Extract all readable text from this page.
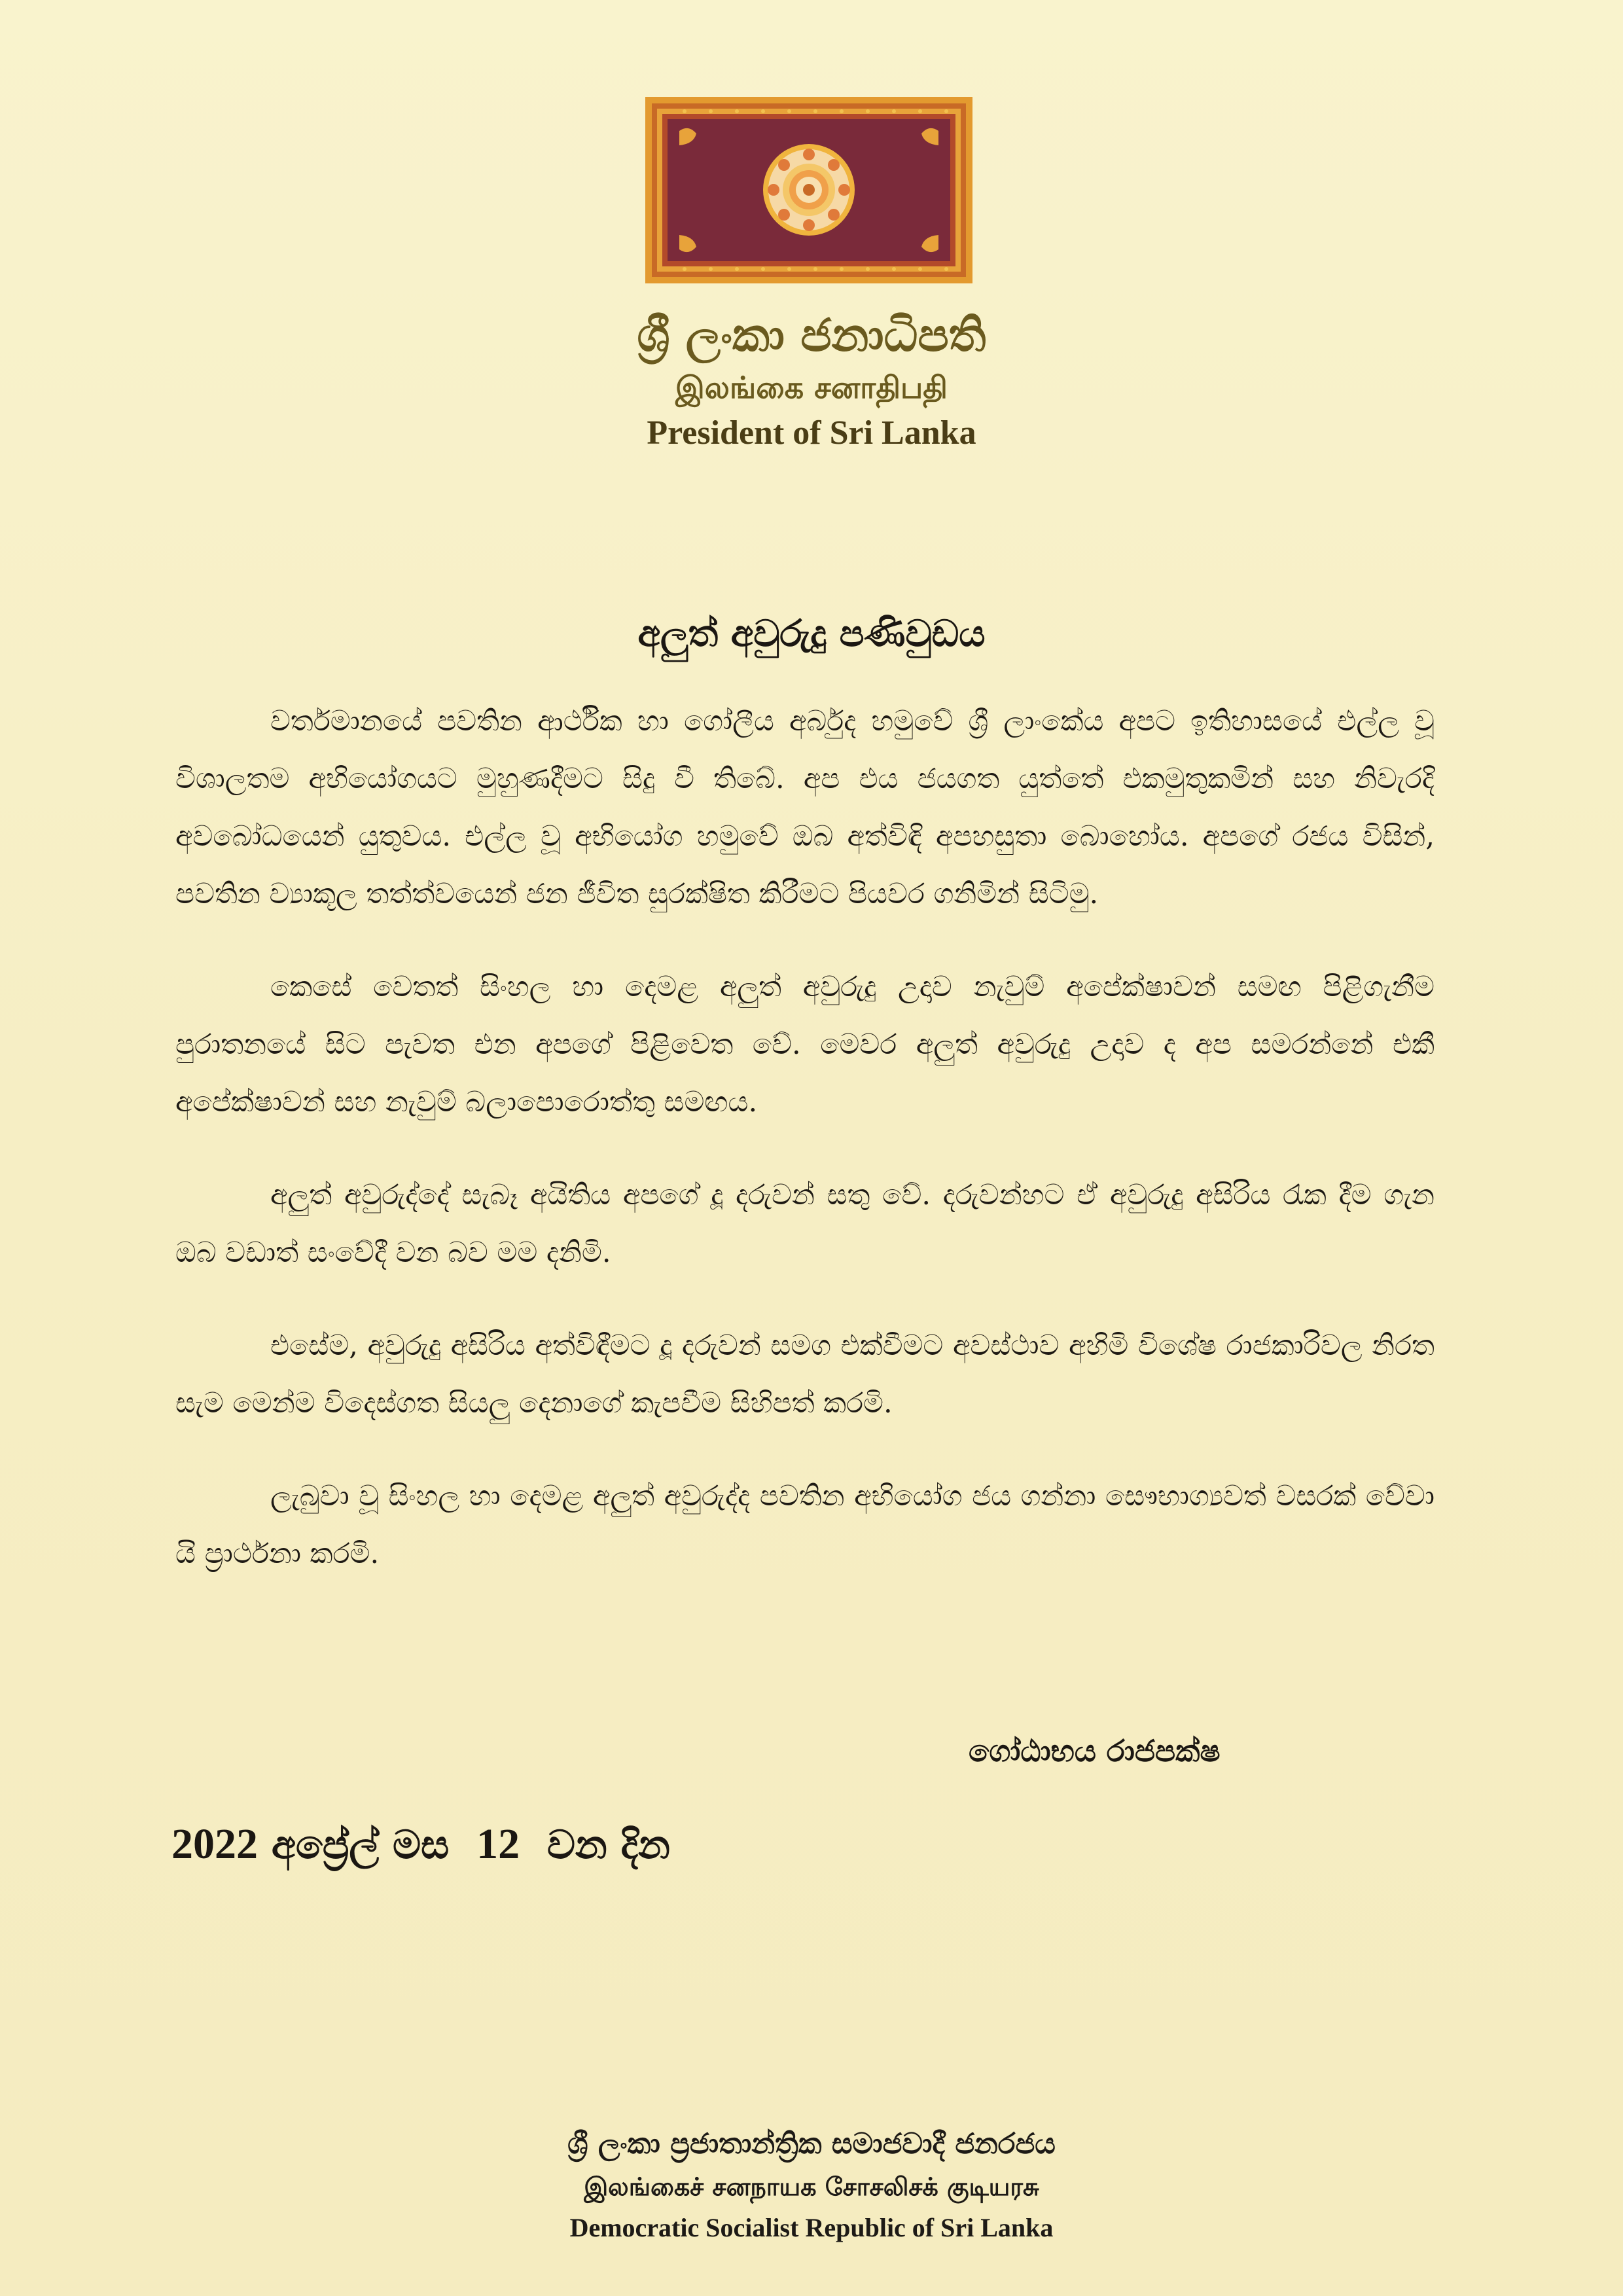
ශ්‍රී ලංකා ජනාධිපති
இலங்கை சனாதிபதி
President of Sri Lanka
අලුත් අවුරුදු පණිවුඩය

වර්තමානයේ පවතින ආර්ථික හා ගෝලීය අර්බුද හමුවේ ශ්‍රී ලාංකේය අපට ඉතිහාසයේ එල්ල වූ විශාලතම අභියෝගයට මුහුණදීමට සිදු වී තිබේ. අප එය ජයගත යුත්තේ එකමුතුකමින් සහ නිවැරදි අවබෝධයෙන් යුතුවය. එල්ල වූ අභියෝග හමුවේ ඔබ අත්විඳි අපහසුතා බොහෝය. අපගේ රජය විසින්, පවතින ව්‍යාකූල තත්ත්වයෙන් ජන ජීවිත සුරක්ෂිත කිරීමට පියවර ගනිමින් සිටිමු.

කෙසේ වෙතත් සිංහල හා දෙමළ අලුත් අවුරුදු උදාව නැවුම් අපේක්ෂාවන් සමඟ පිළිගැනීම පුරාතනයේ සිට පැවත එන අපගේ පිළිවෙත වේ. මෙවර අලුත් අවුරුදු උදාව ද අප සමරන්නේ එකී අපේක්ෂාවන් සහ නැවුම් බලාපොරොත්තු සමඟය.

අලුත් අවුරුද්දේ සැබෑ අයිතිය අපගේ දූ දරුවන් සතු වේ. දරුවන්හට ඒ අවුරුදු අසිරිය රැක දීම ගැන ඔබ වඩාත් සංවේදී වන බව මම දනිමි.

එසේම, අවුරුදු අසිරිය අත්විඳීමට දූ දරුවන් සමග එක්වීමට අවස්ථාව අහිමි විශේෂ රාජකාරිවල නිරත සැම මෙන්ම විදෙස්ගත සියලු දෙනාගේ කැපවීම සිහිපත් කරමි.

ලැබුවා වූ සිංහල හා දෙමළ අලුත් අවුරුද්ද පවතින අභියෝග ජය ගන්නා සෞභාග්‍යවත් වසරක් වේවා යි ප්‍රාර්ථනා කරමි.

ගෝඨාභය රාජපක්ෂ
2022 අප්‍රේල් මස 12 වන දින
ශ්‍රී ලංකා ප්‍රජාතාන්ත්‍රික සමාජවාදී ජනරජය
இலங்கைச் சனநாயக சோசலிசக் குடியரசு
Democratic Socialist Republic of Sri Lanka
